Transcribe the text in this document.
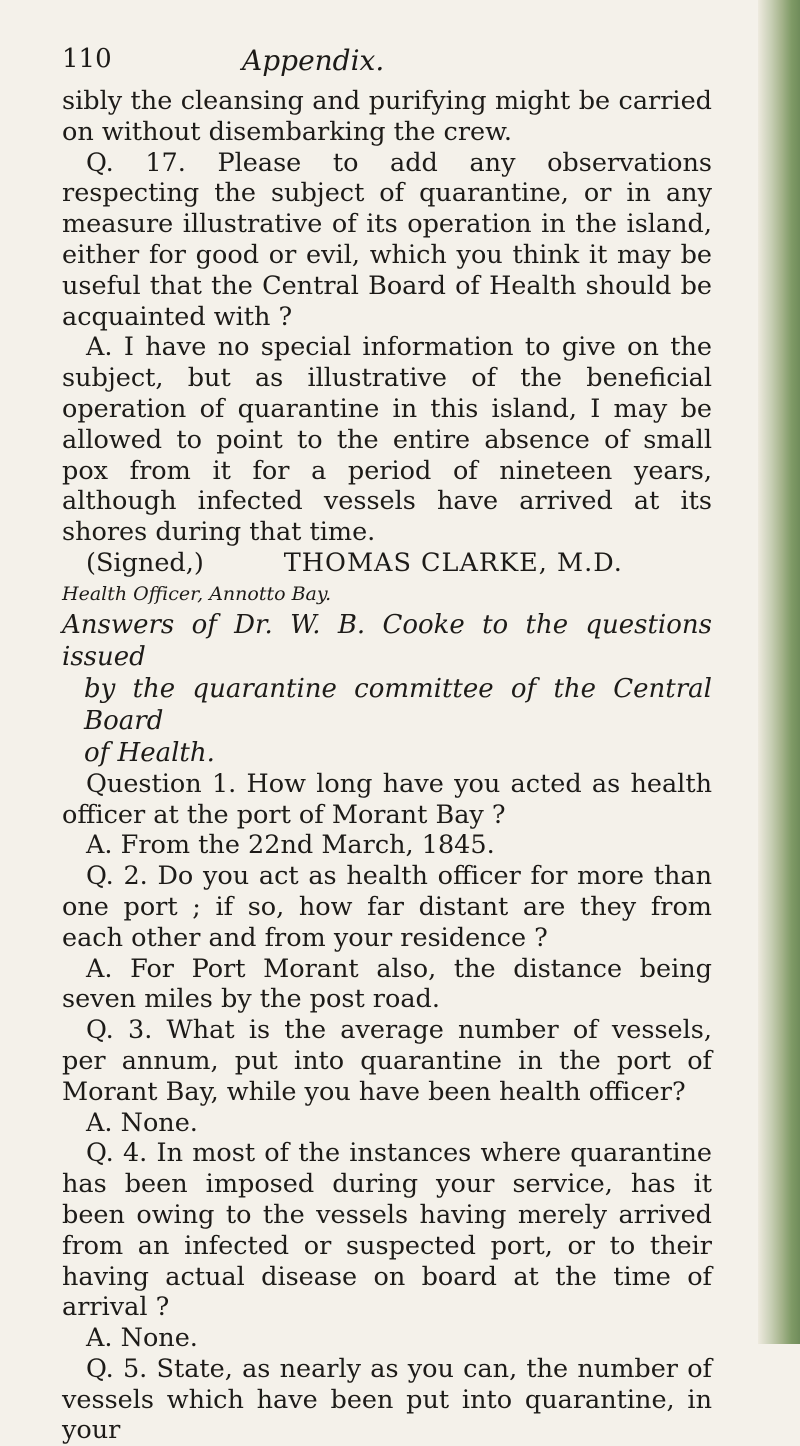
110	Appendix.

sibly the cleansing and purifying might be carried on without disembarking the crew.

Q. 17. Please to add any observations respecting the subject of quarantine, or in any measure illustrative of its operation in the island, either for good or evil, which you think it may be useful that the Central Board of Health should be acquainted with ?

A. I have no special information to give on the subject, but as illustrative of the beneficial operation of quarantine in this island, I may be allowed to point to the entire absence of small pox from it for a period of nineteen years, although infected vessels have arrived at its shores during that time.

(Signed,)	THOMAS CLARKE, M.D.

Health Officer, Annotto Bay.

Answers of Dr. W. B. Cooke to the questions issued
by the quarantine committee of the Central Board
of Health.

Question 1. How long have you acted as health officer at the port of Morant Bay ?

A. From the 22nd March, 1845.

Q. 2. Do you act as health officer for more than one port ; if so, how far distant are they from each other and from your residence ?

A. For Port Morant also, the distance being seven miles by the post road.

Q. 3. What is the average number of vessels, per annum, put into quarantine in the port of Morant Bay, while you have been health officer?

A. None.

Q. 4. In most of the instances where quarantine has been imposed during your service, has it been owing to the vessels having merely arrived from an infected or suspected port, or to their having actual disease on board at the time of arrival ?

A. None.

Q. 5. State, as nearly as you can, the number of vessels which have been put into quarantine, in your
